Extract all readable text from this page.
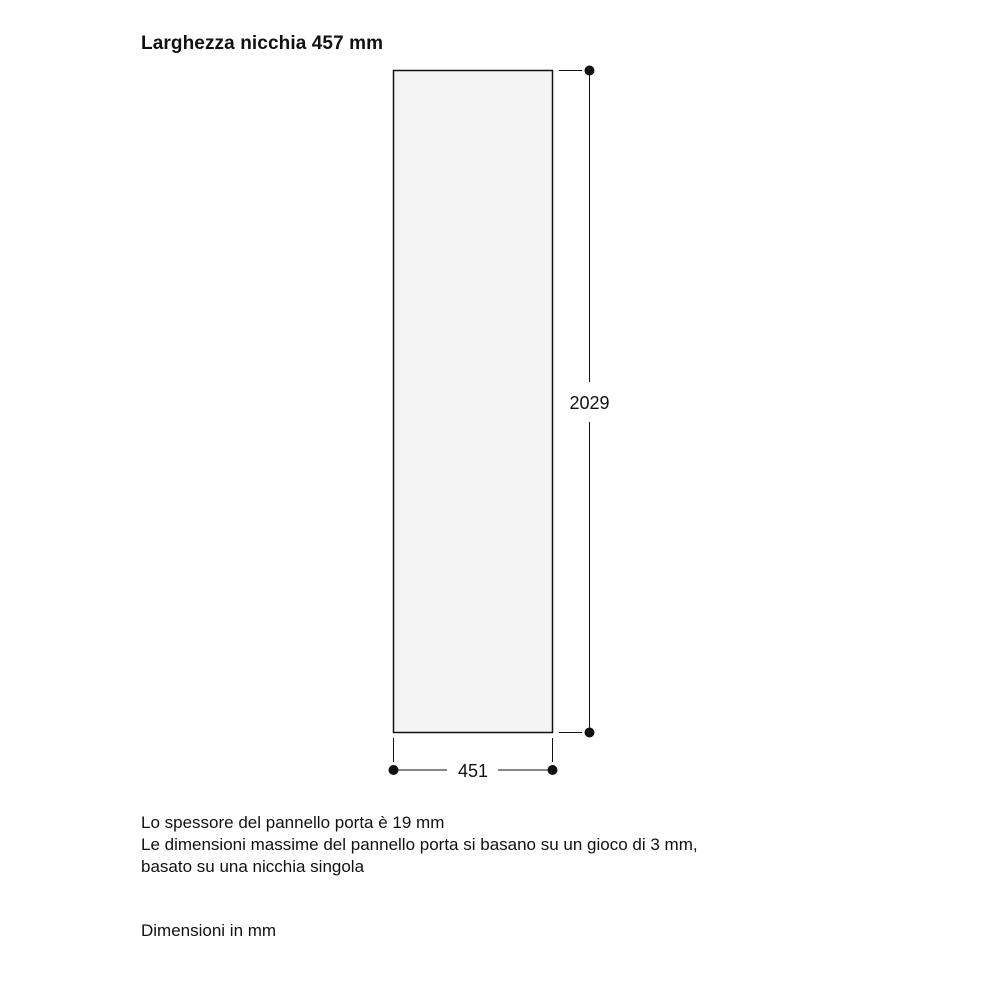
Larghezza nicchia 457 mm
2029
451
Lo spessore del pannello porta è 19 mm
Le dimensioni massime del pannello porta si basano su un gioco di 3 mm,
basato su una nicchia singola
Dimensioni in mm
